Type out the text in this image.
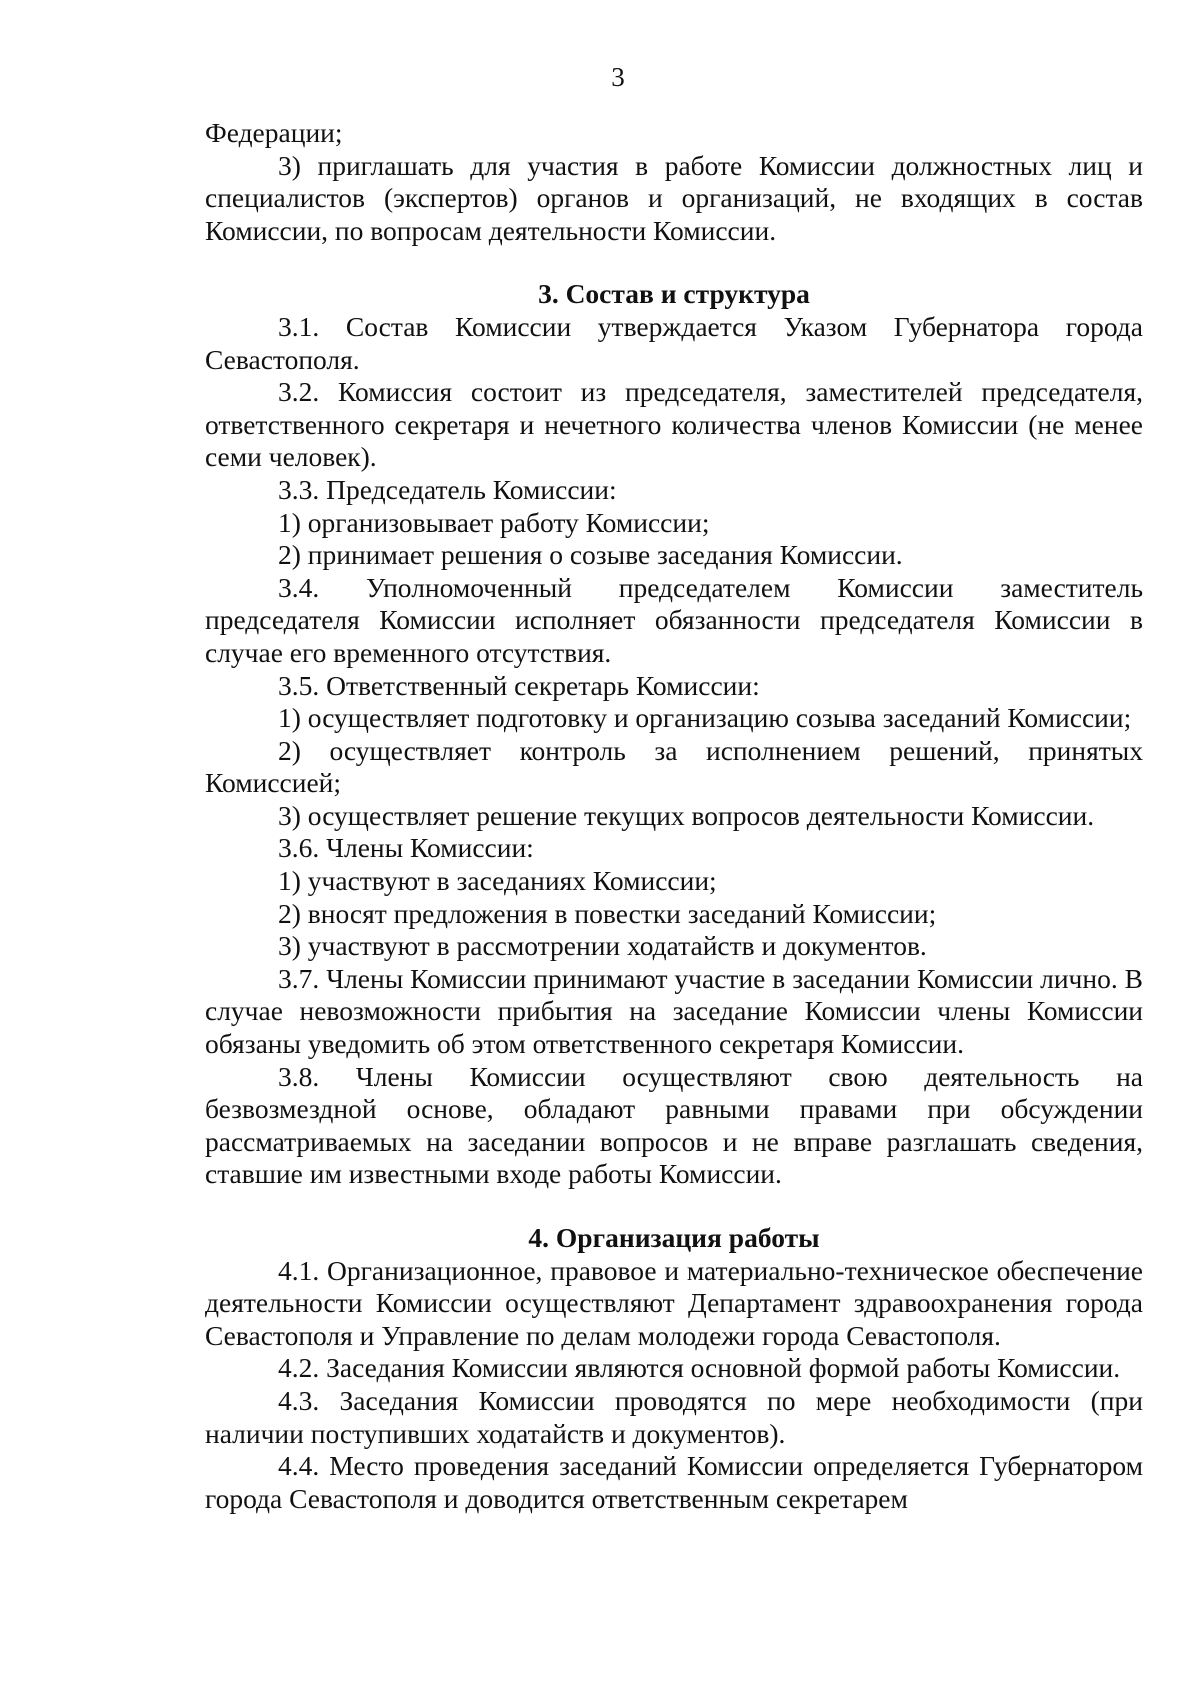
3

Федерации;

3) приглашать для участия в работе Комиссии должностных лиц и специалистов (экспертов) органов и организаций, не входящих в состав Комиссии, по вопросам деятельности Комиссии.

3. Состав и структура

3.1. Состав Комиссии утверждается Указом Губернатора города Севастополя.

3.2. Комиссия состоит из председателя, заместителей председателя, ответственного секретаря и нечетного количества членов Комиссии (не менее семи человек).

3.3. Председатель Комиссии:

1) организовывает работу Комиссии;

2) принимает решения о созыве заседания Комиссии.

3.4. Уполномоченный председателем Комиссии заместитель председателя Комиссии исполняет обязанности председателя Комиссии в случае его временного отсутствия.

3.5. Ответственный секретарь Комиссии:

1) осуществляет подготовку и организацию созыва заседаний Комиссии;

2) осуществляет контроль за исполнением решений, принятых Комиссией;

3) осуществляет решение текущих вопросов деятельности Комиссии.

3.6. Члены Комиссии:

1) участвуют в заседаниях Комиссии;

2) вносят предложения в повестки заседаний Комиссии;

3) участвуют в рассмотрении ходатайств и документов.

3.7. Члены Комиссии принимают участие в заседании Комиссии лично. В случае невозможности прибытия на заседание Комиссии члены Комиссии обязаны уведомить об этом ответственного секретаря Комиссии.

3.8. Члены Комиссии осуществляют свою деятельность на безвозмездной основе, обладают равными правами при обсуждении рассматриваемых на заседании вопросов и не вправе разглашать сведения, ставшие им известными входе работы Комиссии.

4. Организация работы

4.1. Организационное, правовое и материально-техническое обеспечение деятельности Комиссии осуществляют Департамент здравоохранения города Севастополя и Управление по делам молодежи города Севастополя.

4.2. Заседания Комиссии являются основной формой работы Комиссии.

4.3. Заседания Комиссии проводятся по мере необходимости (при наличии поступивших ходатайств и документов).

4.4. Место проведения заседаний Комиссии определяется Губернатором города Севастополя и доводится ответственным секретарем
